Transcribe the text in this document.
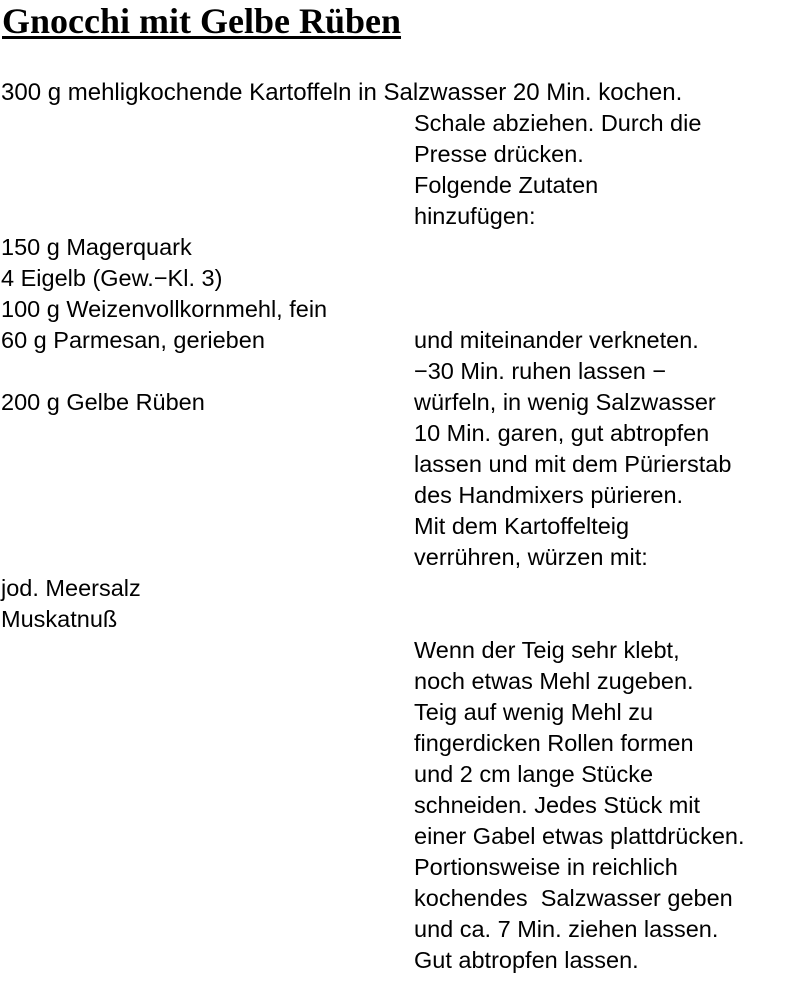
Gnocchi mit Gelbe Rüben
300 g mehligkochende Kartoffeln in Salzwasser 20 Min. kochen.
Schale abziehen. Durch die
Presse drücken.
Folgende Zutaten
hinzufügen:
150 g Magerquark
4 Eigelb (Gew.−Kl. 3)
100 g Weizenvollkornmehl, fein
60 g Parmesan, gerieben	und miteinander verkneten.
−30 Min. ruhen lassen −
200 g Gelbe Rüben	würfeln, in wenig Salzwasser
10 Min. garen, gut abtropfen
lassen und mit dem Pürierstab
des Handmixers pürieren.
Mit dem Kartoffelteig
verrühren, würzen mit:
jod. Meersalz
Muskatnuß
Wenn der Teig sehr klebt,
noch etwas Mehl zugeben.
Teig auf wenig Mehl zu
fingerdicken Rollen formen
und 2 cm lange Stücke
schneiden. Jedes Stück mit
einer Gabel etwas plattdrücken.
Portionsweise in reichlich
kochendes  Salzwasser geben
und ca. 7 Min. ziehen lassen.
Gut abtropfen lassen.
